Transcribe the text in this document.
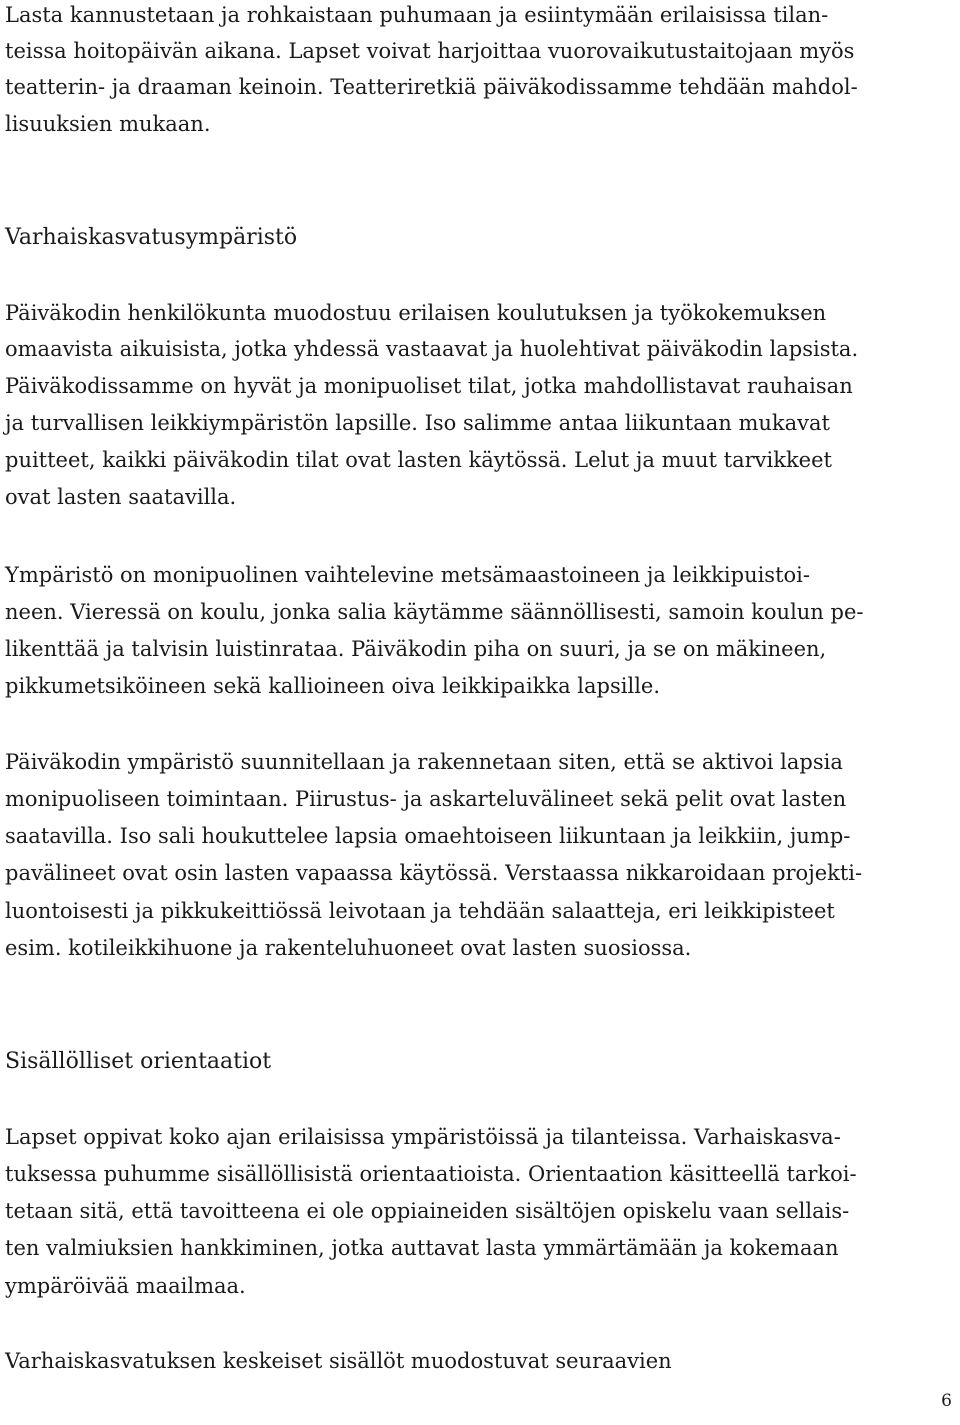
Lasta kannustetaan ja rohkaistaan puhumaan ja esiintymään erilaisissa tilan-
teissa hoitopäivän aikana. Lapset voivat harjoittaa vuorovaikutustaitojaan myös
teatterin- ja draaman keinoin. Teatteriretkiä päiväkodissamme tehdään mahdol-
lisuuksien mukaan.
Varhaiskasvatusympäristö
Päiväkodin henkilökunta muodostuu erilaisen koulutuksen ja työkokemuksen
omaavista aikuisista, jotka yhdessä vastaavat ja huolehtivat päiväkodin lapsista.
Päiväkodissamme on hyvät ja monipuoliset tilat, jotka mahdollistavat rauhaisan
ja turvallisen leikkiympäristön lapsille. Iso salimme antaa liikuntaan mukavat
puitteet, kaikki päiväkodin tilat ovat lasten käytössä. Lelut ja muut tarvikkeet
ovat lasten saatavilla.
Ympäristö on monipuolinen vaihtelevine metsämaastoineen ja leikkipuistoi-
neen. Vieressä on koulu, jonka salia käytämme säännöllisesti, samoin koulun pe-
likenttää ja talvisin luistinrataa. Päiväkodin piha on suuri, ja se on mäkineen,
pikkumetsiköineen sekä kallioineen oiva leikkipaikka lapsille.
Päiväkodin ympäristö suunnitellaan ja rakennetaan siten, että se aktivoi lapsia
monipuoliseen toimintaan. Piirustus- ja askarteluvälineet sekä pelit ovat lasten
saatavilla. Iso sali houkuttelee lapsia omaehtoiseen liikuntaan ja leikkiin, jump-
pavälineet ovat osin lasten vapaassa käytössä. Verstaassa nikkaroidaan projekti-
luontoisesti ja pikkukeittiössä leivotaan ja tehdään salaatteja, eri leikkipisteet
esim. kotileikkihuone ja rakenteluhuoneet ovat lasten suosiossa.
Sisällölliset orientaatiot
Lapset oppivat koko ajan erilaisissa ympäristöissä ja tilanteissa. Varhaiskasva-
tuksessa puhumme sisällöllisistä orientaatioista. Orientaation käsitteellä tarkoi-
tetaan sitä, että tavoitteena ei ole oppiaineiden sisältöjen opiskelu vaan sellais-
ten valmiuksien hankkiminen, jotka auttavat lasta ymmärtämään ja kokemaan
ympäröivää maailmaa.
Varhaiskasvatuksen keskeiset sisällöt muodostuvat seuraavien
6
